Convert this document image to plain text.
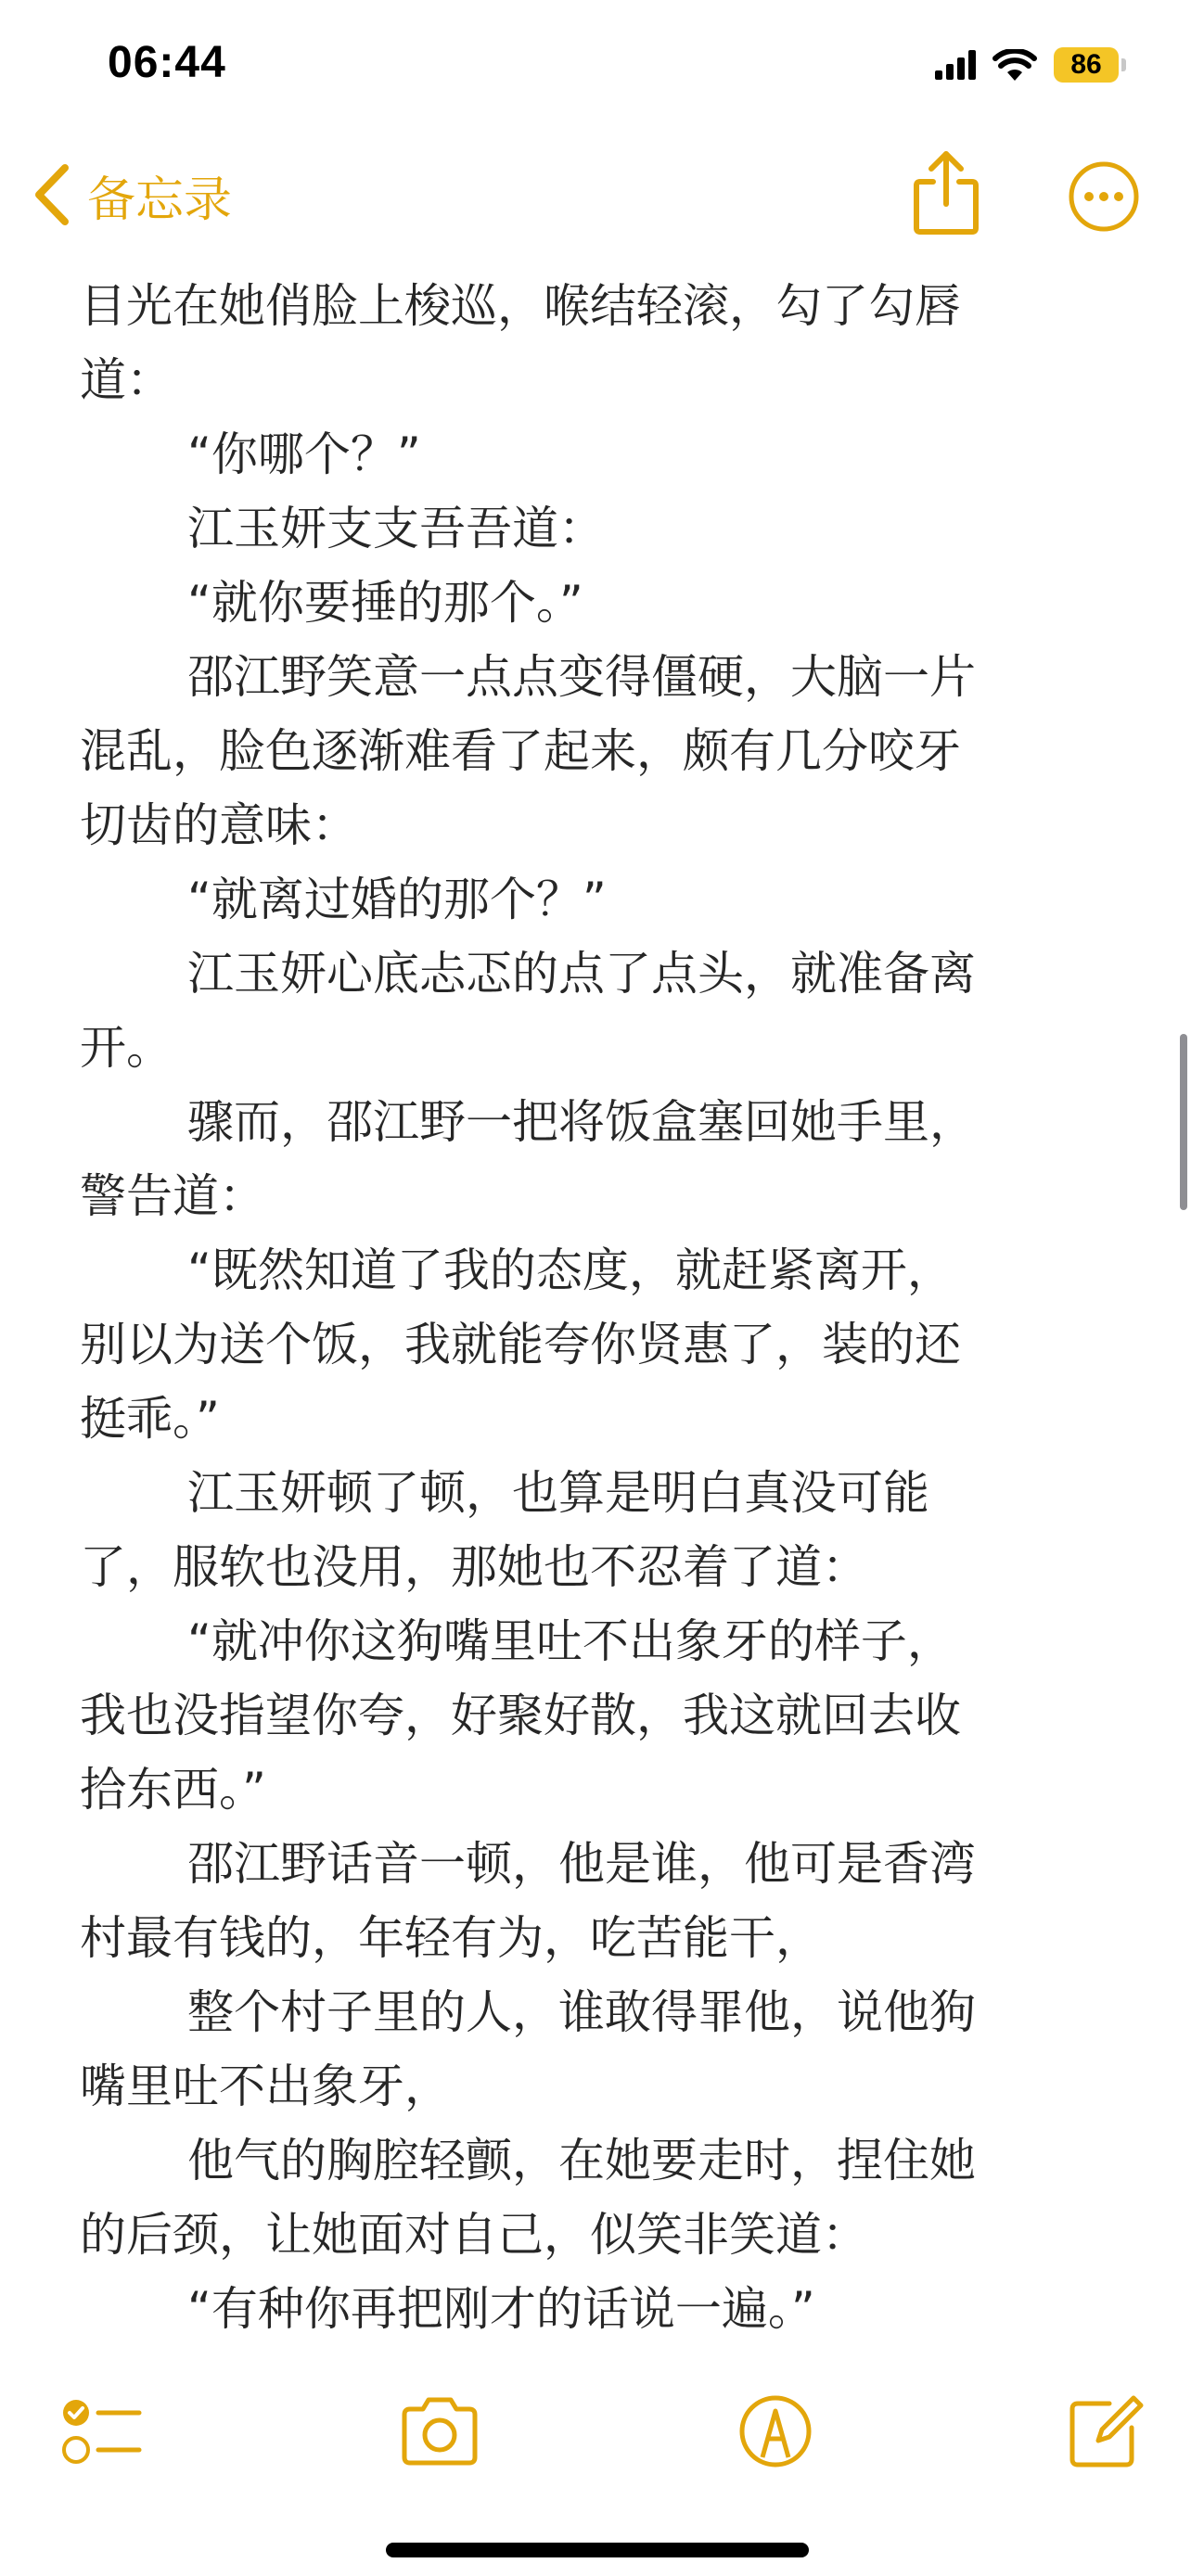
目光在她俏脸上梭巡，喉结轻滚，勾了勾唇
道：
“你哪个？”
江玉妍支支吾吾道：
“就你要捶的那个。”
邵江野笑意一点点变得僵硬，大脑一片
混乱，脸色逐渐难看了起来，颇有几分咬牙
切齿的意味：
“就离过婚的那个？”
江玉妍心底忐忑的点了点头，就准备离
开。
骤而，邵江野一把将饭盒塞回她手里，
警告道：
“既然知道了我的态度，就赶紧离开，
别以为送个饭，我就能夸你贤惠了，装的还
挺乖。”
江玉妍顿了顿，也算是明白真没可能
了，服软也没用，那她也不忍着了道：
“就冲你这狗嘴里吐不出象牙的样子，
我也没指望你夸，好聚好散，我这就回去收
拾东西。”
邵江野话音一顿，他是谁，他可是香湾
村最有钱的，年轻有为，吃苦能干，
整个村子里的人，谁敢得罪他，说他狗
嘴里吐不出象牙，
他气的胸腔轻颤，在她要走时，捏住她
的后颈，让她面对自己，似笑非笑道：
“有种你再把刚才的话说一遍。”
06:44	86
备忘录
